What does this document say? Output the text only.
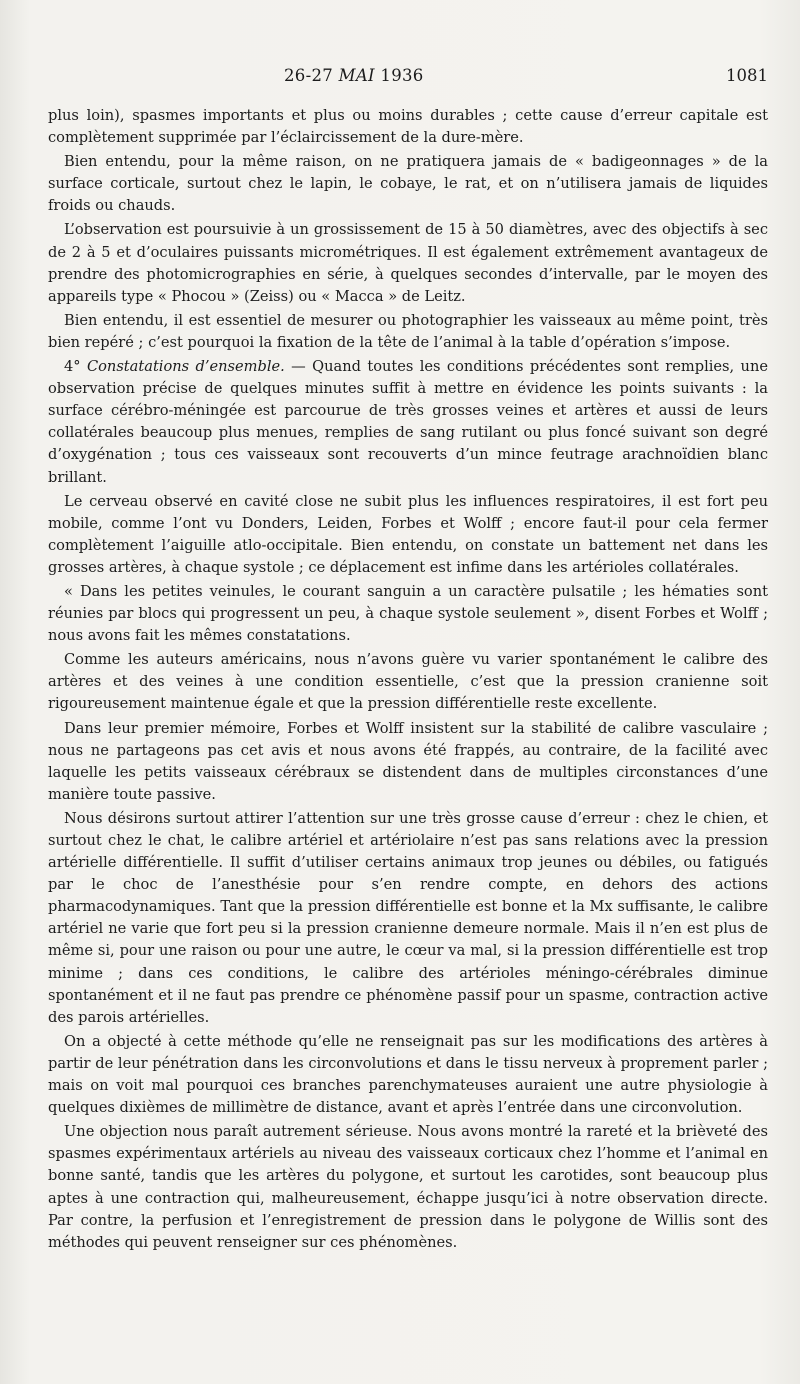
26-27 MAI 1936	1081

plus loin), spasmes importants et plus ou moins durables ; cette cause d’erreur capitale est complètement supprimée par l’éclaircissement de la dure-mère.

Bien entendu, pour la même raison, on ne pratiquera jamais de « badigeonnages » de la surface corticale, surtout chez le lapin, le cobaye, le rat, et on n’utilisera jamais de liquides froids ou chauds.

L’observation est poursuivie à un grossissement de 15 à 50 diamètres, avec des objectifs à sec de 2 à 5 et d’oculaires puissants micrométriques. Il est également extrêmement avantageux de prendre des photomicrographies en série, à quelques secondes d’intervalle, par le moyen des appareils type « Phocou » (Zeiss) ou « Macca » de Leitz.

Bien entendu, il est essentiel de mesurer ou photographier les vaisseaux au même point, très bien repéré ; c’est pourquoi la fixation de la tête de l’animal à la table d’opération s’impose.

4° Constatations d’ensemble. — Quand toutes les conditions précédentes sont remplies, une observation précise de quelques minutes suffit à mettre en évidence les points suivants : la surface cérébro-méningée est parcourue de très grosses veines et artères et aussi de leurs collatérales beaucoup plus menues, remplies de sang rutilant ou plus foncé suivant son degré d’oxygénation ; tous ces vaisseaux sont recouverts d’un mince feutrage arachnoïdien blanc brillant.

Le cerveau observé en cavité close ne subit plus les influences respiratoires, il est fort peu mobile, comme l’ont vu Donders, Leiden, Forbes et Wolff ; encore faut-il pour cela fermer complètement l’aiguille atlo-occipitale. Bien entendu, on constate un battement net dans les grosses artères, à chaque systole ; ce déplacement est infime dans les artérioles collatérales.

« Dans les petites veinules, le courant sanguin a un caractère pulsatile ; les hématies sont réunies par blocs qui progressent un peu, à chaque systole seulement », disent Forbes et Wolff ; nous avons fait les mêmes constatations.

Comme les auteurs américains, nous n’avons guère vu varier spontanément le calibre des artères et des veines à une condition essentielle, c’est que la pression cranienne soit rigoureusement maintenue égale et que la pression différentielle reste excellente.

Dans leur premier mémoire, Forbes et Wolff insistent sur la stabilité de calibre vasculaire ; nous ne partageons pas cet avis et nous avons été frappés, au contraire, de la facilité avec laquelle les petits vaisseaux cérébraux se distendent dans de multiples circonstances d’une manière toute passive.

Nous désirons surtout attirer l’attention sur une très grosse cause d’erreur : chez le chien, et surtout chez le chat, le calibre artériel et artériolaire n’est pas sans relations avec la pression artérielle différentielle. Il suffit d’utiliser certains animaux trop jeunes ou débiles, ou fatigués par le choc de l’anesthésie pour s’en rendre compte, en dehors des actions pharmacodynamiques. Tant que la pression différentielle est bonne et la Mx suffisante, le calibre artériel ne varie que fort peu si la pression cranienne demeure normale. Mais il n’en est plus de même si, pour une raison ou pour une autre, le cœur va mal, si la pression différentielle est trop minime ; dans ces conditions, le calibre des artérioles méningo-cérébrales diminue spontanément et il ne faut pas prendre ce phénomène passif pour un spasme, contraction active des parois artérielles.

On a objecté à cette méthode qu’elle ne renseignait pas sur les modifications des artères à partir de leur pénétration dans les circonvolutions et dans le tissu nerveux à proprement parler ; mais on voit mal pourquoi ces branches parenchymateuses auraient une autre physiologie à quelques dixièmes de millimètre de distance, avant et après l’entrée dans une circonvolution.

Une objection nous paraît autrement sérieuse. Nous avons montré la rareté et la brièveté des spasmes expérimentaux artériels au niveau des vaisseaux corticaux chez l’homme et l’animal en bonne santé, tandis que les artères du polygone, et surtout les carotides, sont beaucoup plus aptes à une contraction qui, malheureusement, échappe jusqu’ici à notre observation directe. Par contre, la perfusion et l’enregistrement de pression dans le polygone de Willis sont des méthodes qui peuvent renseigner sur ces phénomènes.
